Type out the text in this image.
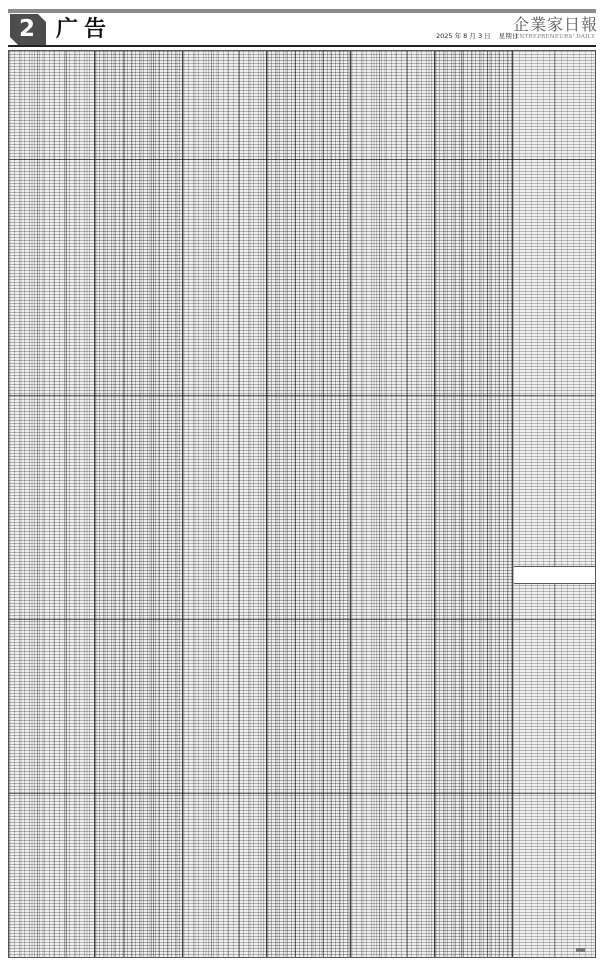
2 广告	2025 年 8 月 3 日 星期日
企業家日報
ENTREPRENEURS' DAILY
